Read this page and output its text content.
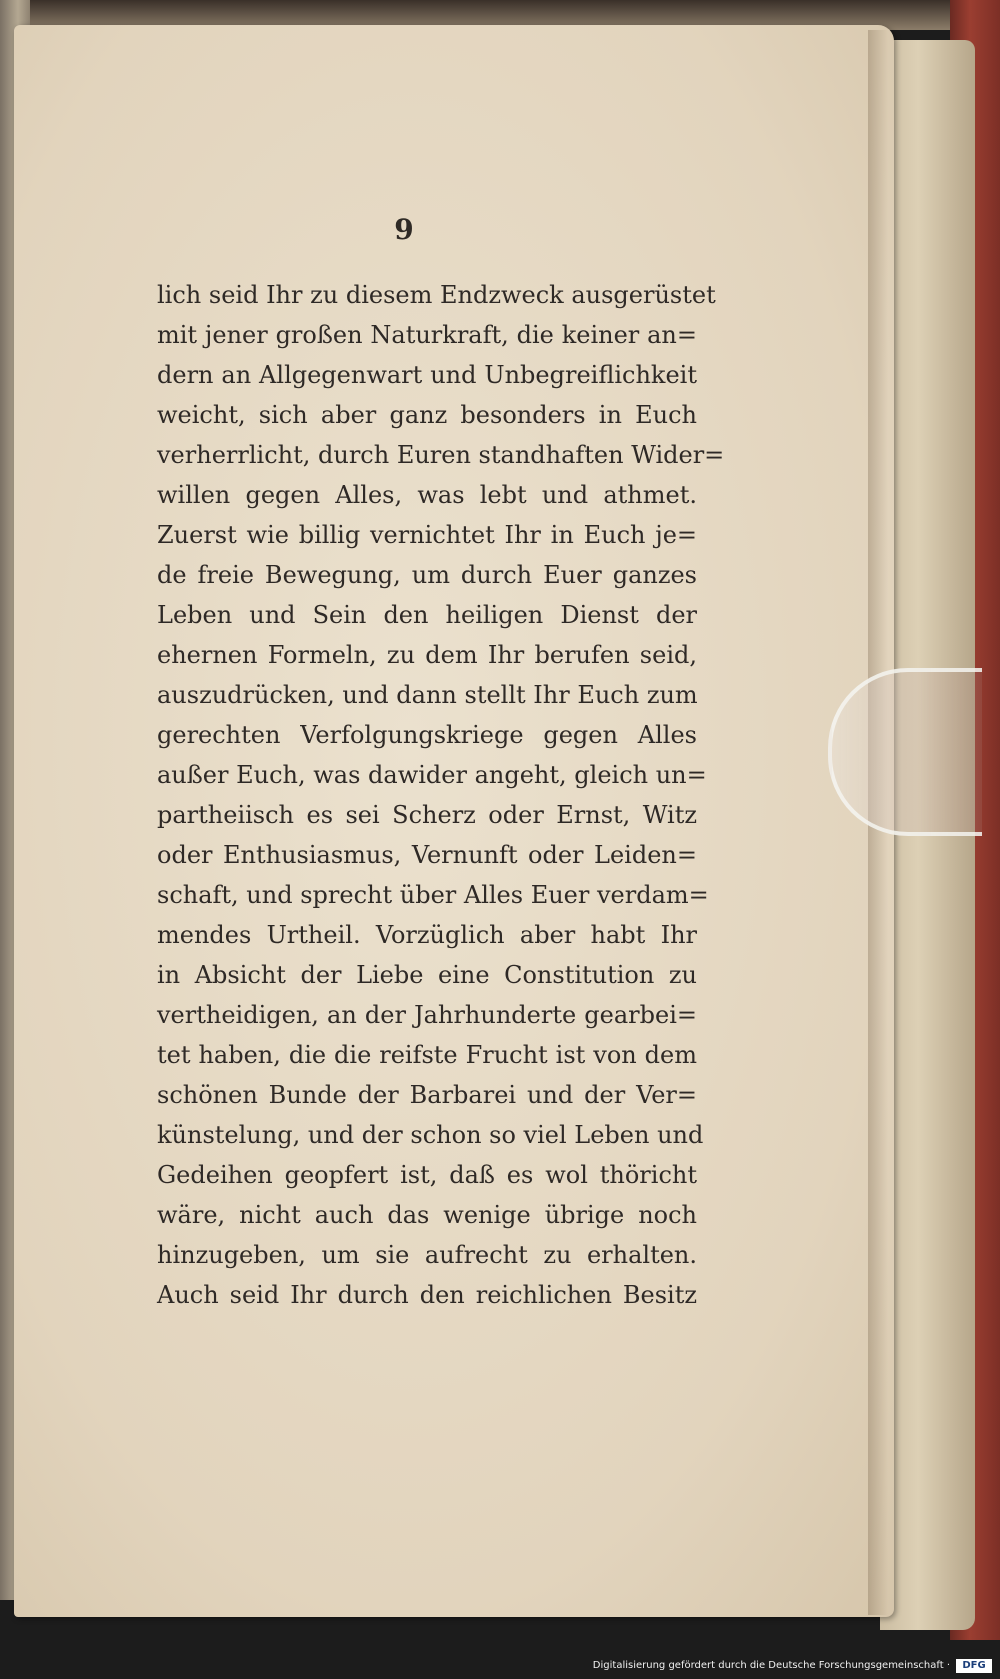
9
lich seid Ihr zu diesem Endzweck ausgerüstet
mit jener großen Naturkraft, die keiner an=
dern an Allgegenwart und Unbegreiflichkeit
weicht, sich aber ganz besonders in Euch
verherrlicht, durch Euren standhaften Wider=
willen gegen Alles, was lebt und athmet.
Zuerst wie billig vernichtet Ihr in Euch je=
de freie Bewegung, um durch Euer ganzes
Leben und Sein den heiligen Dienst der
ehernen Formeln, zu dem Ihr berufen seid,
auszudrücken, und dann stellt Ihr Euch zum
gerechten Verfolgungskriege gegen Alles
außer Euch, was dawider angeht, gleich un=
partheiisch es sei Scherz oder Ernst, Witz
oder Enthusiasmus, Vernunft oder Leiden=
schaft, und sprecht über Alles Euer verdam=
mendes Urtheil. Vorzüglich aber habt Ihr
in Absicht der Liebe eine Constitution zu
vertheidigen, an der Jahrhunderte gearbei=
tet haben, die die reifste Frucht ist von dem
schönen Bunde der Barbarei und der Ver=
künstelung, und der schon so viel Leben und
Gedeihen geopfert ist, daß es wol thöricht
wäre, nicht auch das wenige übrige noch
hinzugeben, um sie aufrecht zu erhalten.
Auch seid Ihr durch den reichlichen Besitz
Digitalisierung gefördert durch die Deutsche Forschungsgemeinschaft ·	DFG
